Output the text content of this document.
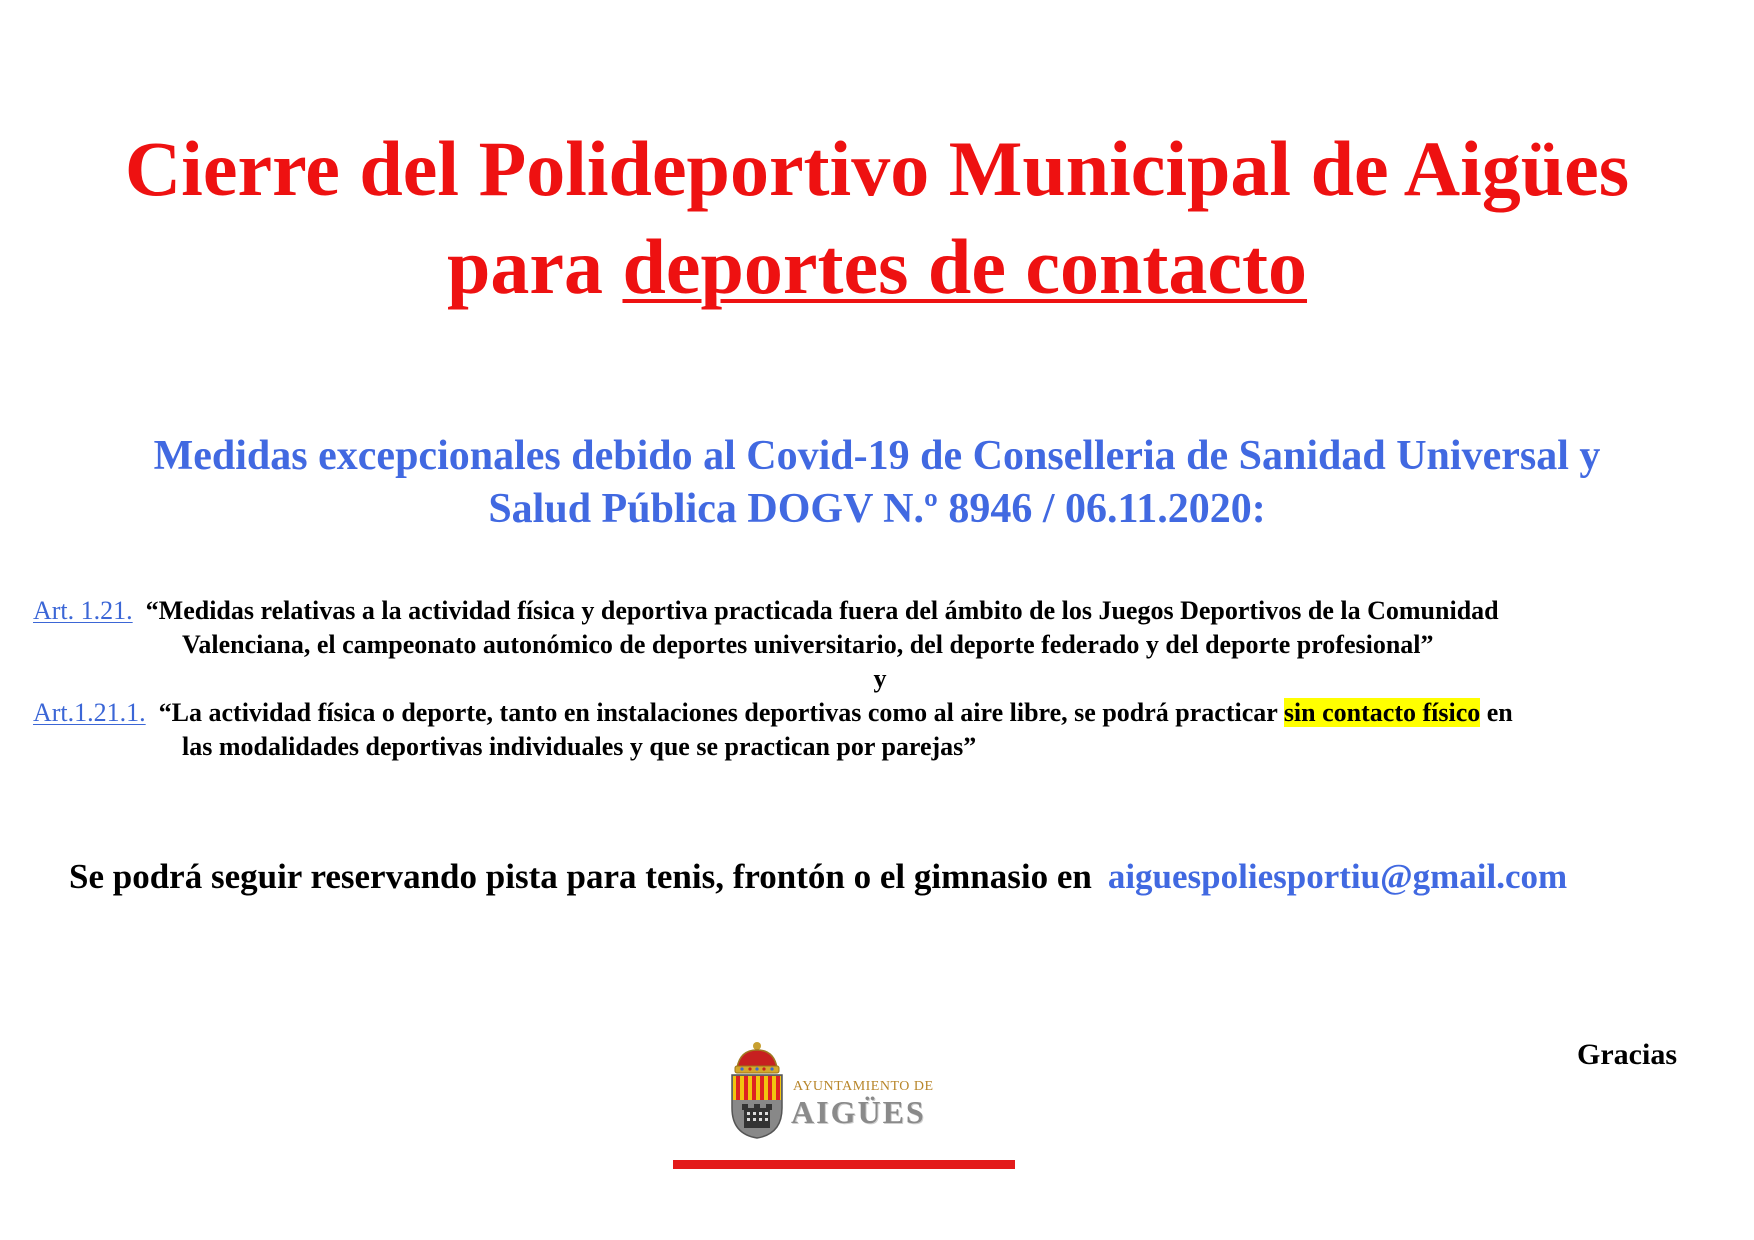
Cierre del Polideportivo Municipal de Aigües
para deportes de contacto
Medidas excepcionales debido al Covid-19 de Conselleria de Sanidad Universal y
Salud Pública DOGV N.º 8946 / 06.11.2020:
Art. 1.21. “Medidas relativas a la actividad física y deportiva practicada fuera del ámbito de los Juegos Deportivos de la Comunidad
Valenciana, el campeonato autonómico de deportes universitario, del deporte federado y del deporte profesional”
y
Art.1.21.1. “La actividad física o deporte, tanto en instalaciones deportivas como al aire libre, se podrá practicar sin contacto físico en
las modalidades deportivas individuales y que se practican por parejas”
Se podrá seguir reservando pista para tenis, frontón o el gimnasio en aiguespoliesportiu@gmail.com
Gracias
AYUNTAMIENTO DE
AIGÜES
